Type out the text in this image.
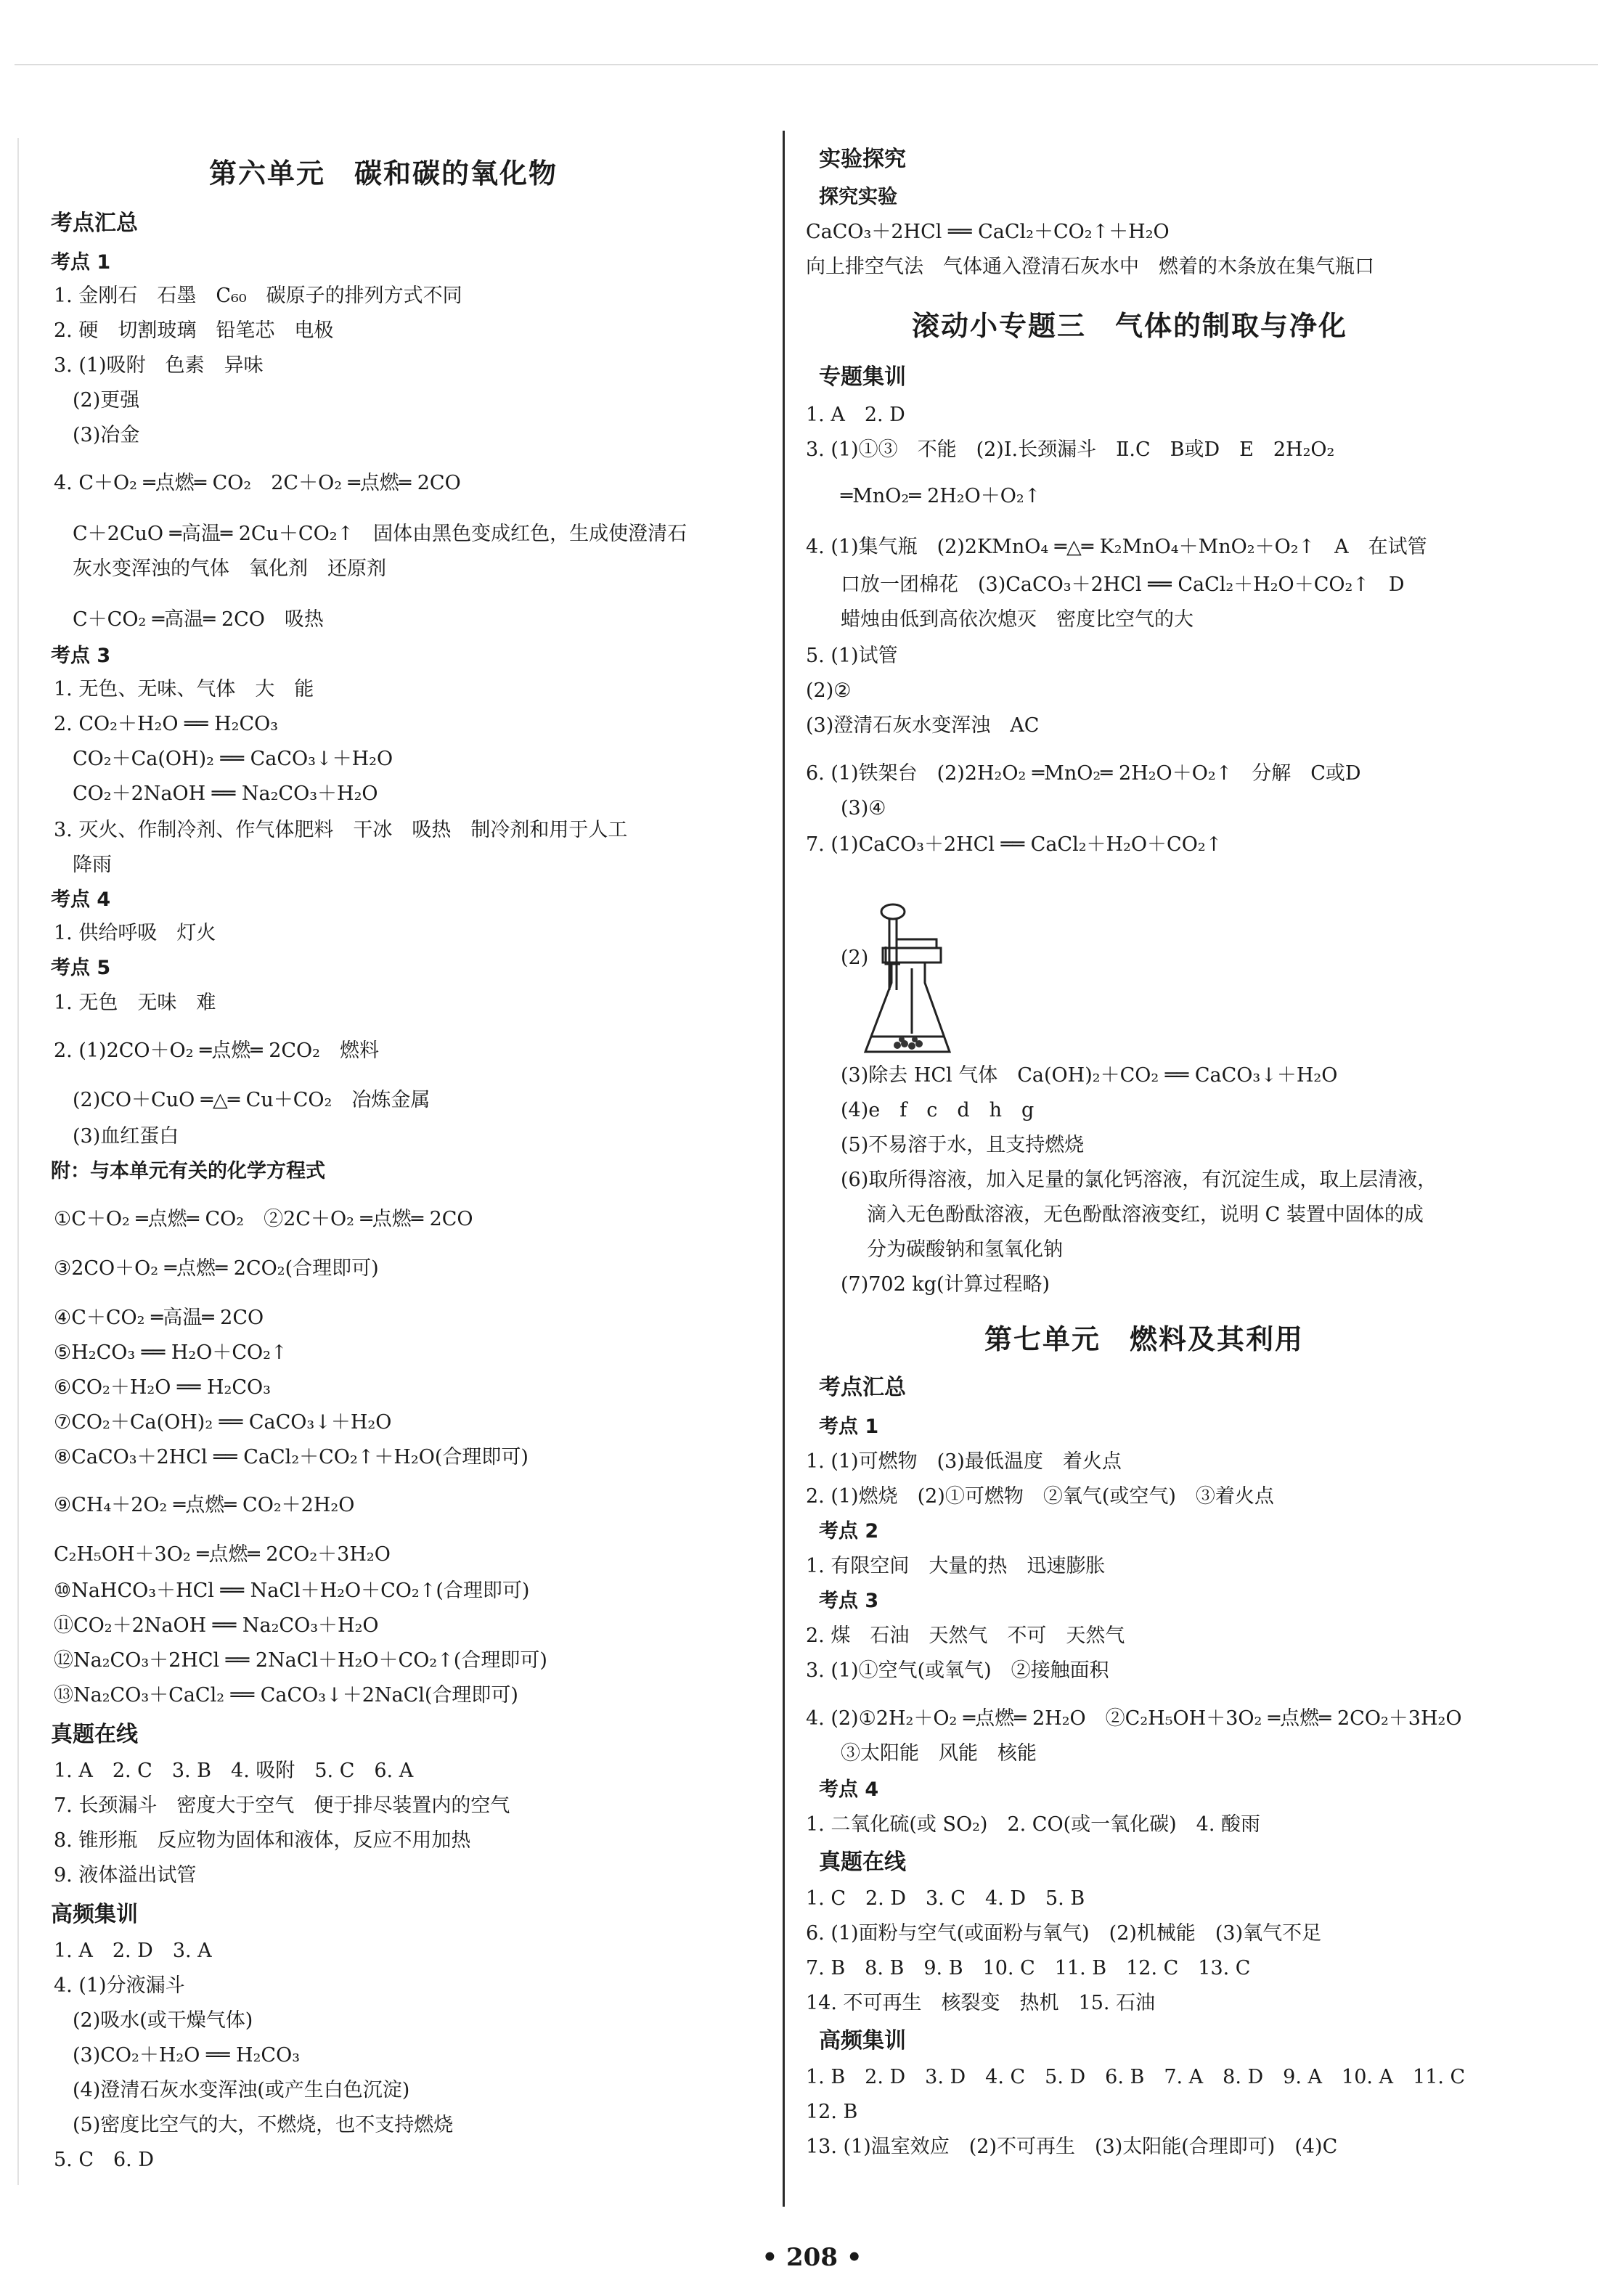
第六单元　碳和碳的氧化物
考点汇总
考点 1
1. 金刚石　石墨　C₆₀　碳原子的排列方式不同
2. 硬　切割玻璃　铅笔芯　电极
3. (1)吸附　色素　异味
(2)更强
(3)冶金
4. C＋O₂ ═点燃═ CO₂　2C＋O₂ ═点燃═ 2CO
C＋2CuO ═高温═ 2Cu＋CO₂↑　固体由黑色变成红色，生成使澄清石
灰水变浑浊的气体　氧化剂　还原剂
C＋CO₂ ═高温═ 2CO　吸热
考点 3
1. 无色、无味、气体　大　能
2. CO₂＋H₂O ══ H₂CO₃
CO₂＋Ca(OH)₂ ══ CaCO₃↓＋H₂O
CO₂＋2NaOH ══ Na₂CO₃＋H₂O
3. 灭火、作制冷剂、作气体肥料　干冰　吸热　制冷剂和用于人工
降雨
考点 4
1. 供给呼吸　灯火
考点 5
1. 无色　无味　难
2. (1)2CO＋O₂ ═点燃═ 2CO₂　燃料
(2)CO＋CuO ═△═ Cu＋CO₂　冶炼金属
(3)血红蛋白
附：与本单元有关的化学方程式
①C＋O₂ ═点燃═ CO₂　②2C＋O₂ ═点燃═ 2CO
③2CO＋O₂ ═点燃═ 2CO₂(合理即可)
④C＋CO₂ ═高温═ 2CO
⑤H₂CO₃ ══ H₂O＋CO₂↑
⑥CO₂＋H₂O ══ H₂CO₃
⑦CO₂＋Ca(OH)₂ ══ CaCO₃↓＋H₂O
⑧CaCO₃＋2HCl ══ CaCl₂＋CO₂↑＋H₂O(合理即可)
⑨CH₄＋2O₂ ═点燃═ CO₂＋2H₂O
C₂H₅OH＋3O₂ ═点燃═ 2CO₂＋3H₂O
⑩NaHCO₃＋HCl ══ NaCl＋H₂O＋CO₂↑(合理即可)
⑪CO₂＋2NaOH ══ Na₂CO₃＋H₂O
⑫Na₂CO₃＋2HCl ══ 2NaCl＋H₂O＋CO₂↑(合理即可)
⑬Na₂CO₃＋CaCl₂ ══ CaCO₃↓＋2NaCl(合理即可)
真题在线
1. A　2. C　3. B　4. 吸附　5. C　6. A
7. 长颈漏斗　密度大于空气　便于排尽装置内的空气
8. 锥形瓶　反应物为固体和液体，反应不用加热
9. 液体溢出试管
高频集训
1. A　2. D　3. A
4. (1)分液漏斗
(2)吸水(或干燥气体)
(3)CO₂＋H₂O ══ H₂CO₃
(4)澄清石灰水变浑浊(或产生白色沉淀)
(5)密度比空气的大，不燃烧，也不支持燃烧
5. C　6. D
实验探究
探究实验
CaCO₃＋2HCl ══ CaCl₂＋CO₂↑＋H₂O
向上排空气法　气体通入澄清石灰水中　燃着的木条放在集气瓶口
滚动小专题三　气体的制取与净化
专题集训
1. A　2. D
3. (1)①③　不能　(2)Ⅰ.长颈漏斗　Ⅱ.C　B或D　E　2H₂O₂
═MnO₂═ 2H₂O＋O₂↑
4. (1)集气瓶　(2)2KMnO₄ ═△═ K₂MnO₄＋MnO₂＋O₂↑　A　在试管
口放一团棉花　(3)CaCO₃＋2HCl ══ CaCl₂＋H₂O＋CO₂↑　D
蜡烛由低到高依次熄灭　密度比空气的大
5. (1)试管
(2)②
(3)澄清石灰水变浑浊　AC
6. (1)铁架台　(2)2H₂O₂ ═MnO₂═ 2H₂O＋O₂↑　分解　C或D
(3)④
7. (1)CaCO₃＋2HCl ══ CaCl₂＋H₂O＋CO₂↑
(2)
(3)除去 HCl 气体　Ca(OH)₂＋CO₂ ══ CaCO₃↓＋H₂O
(4)e　f　c　d　h　g
(5)不易溶于水，且支持燃烧
(6)取所得溶液，加入足量的氯化钙溶液，有沉淀生成，取上层清液，
滴入无色酚酞溶液，无色酚酞溶液变红，说明 C 装置中固体的成
分为碳酸钠和氢氧化钠
(7)702 kg(计算过程略)
第七单元　燃料及其利用
考点汇总
考点 1
1. (1)可燃物　(3)最低温度　着火点
2. (1)燃烧　(2)①可燃物　②氧气(或空气)　③着火点
考点 2
1. 有限空间　大量的热　迅速膨胀
考点 3
2. 煤　石油　天然气　不可　天然气
3. (1)①空气(或氧气)　②接触面积
4. (2)①2H₂＋O₂ ═点燃═ 2H₂O　②C₂H₅OH＋3O₂ ═点燃═ 2CO₂＋3H₂O
③太阳能　风能　核能
考点 4
1. 二氧化硫(或 SO₂)　2. CO(或一氧化碳)　4. 酸雨
真题在线
1. C　2. D　3. C　4. D　5. B
6. (1)面粉与空气(或面粉与氧气)　(2)机械能　(3)氧气不足
7. B　8. B　9. B　10. C　11. B　12. C　13. C
14. 不可再生　核裂变　热机　15. 石油
高频集训
1. B　2. D　3. D　4. C　5. D　6. B　7. A　8. D　9. A　10. A　11. C
12. B
13. (1)温室效应　(2)不可再生　(3)太阳能(合理即可)　(4)C
• 208 •
